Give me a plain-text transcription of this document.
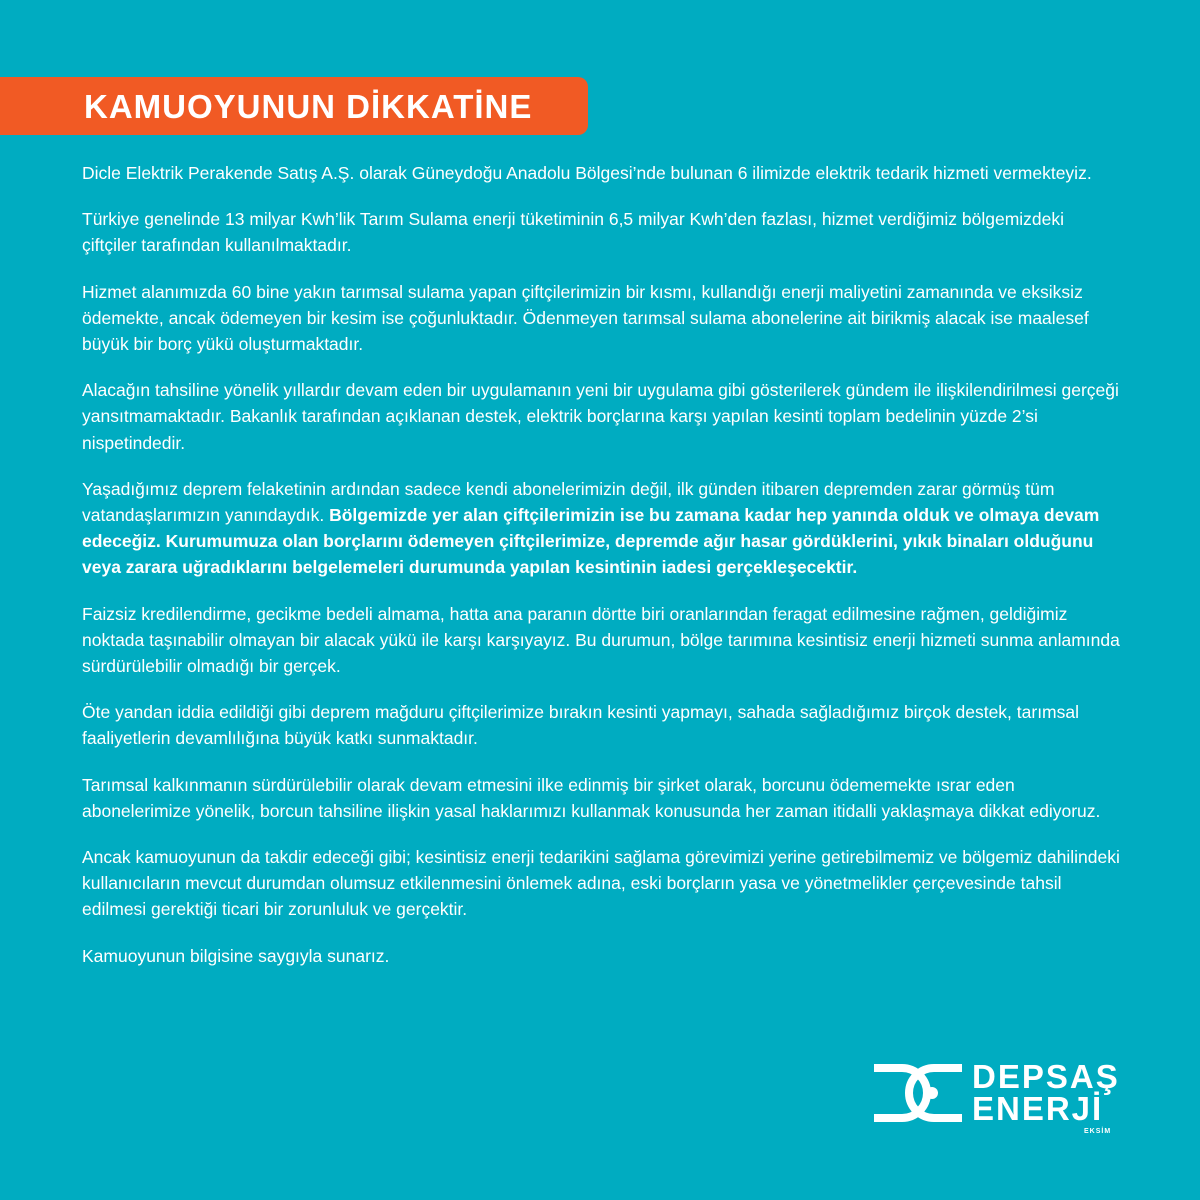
KAMUOYUNUN DİKKATİNE

Dicle Elektrik Perakende Satış A.Ş. olarak Güneydoğu Anadolu Bölgesi’nde bulunan 6 ilimizde elektrik tedarik hizmeti vermekteyiz.

Türkiye genelinde 13 milyar Kwh’lik Tarım Sulama enerji tüketiminin 6,5 milyar Kwh’den fazlası, hizmet verdiğimiz bölgemizdeki çiftçiler tarafından kullanılmaktadır.

Hizmet alanımızda 60 bine yakın tarımsal sulama yapan çiftçilerimizin bir kısmı, kullandığı enerji maliyetini zamanında ve eksiksiz ödemekte, ancak ödemeyen bir kesim ise çoğunluktadır. Ödenmeyen tarımsal sulama abonelerine ait birikmiş alacak ise maalesef büyük bir borç yükü oluşturmaktadır.

Alacağın tahsiline yönelik yıllardır devam eden bir uygulamanın yeni bir uygulama gibi gösterilerek gündem ile ilişkilendirilmesi gerçeği yansıtmamaktadır. Bakanlık tarafından açıklanan destek, elektrik borçlarına karşı yapılan kesinti toplam bedelinin yüzde 2’si nispetindedir.

Yaşadığımız deprem felaketinin ardından sadece kendi abonelerimizin değil, ilk günden itibaren depremden zarar görmüş tüm vatandaşlarımızın yanındaydık. Bölgemizde yer alan çiftçilerimizin ise bu zamana kadar hep yanında olduk ve olmaya devam edeceğiz. Kurumumuza olan borçlarını ödemeyen çiftçilerimize, depremde ağır hasar gördüklerini, yıkık binaları olduğunu veya zarara uğradıklarını belgelemeleri durumunda yapılan kesintinin iadesi gerçekleşecektir.

Faizsiz kredilendirme, gecikme bedeli almama, hatta ana paranın dörtte biri oranlarından feragat edilmesine rağmen, geldiğimiz noktada taşınabilir olmayan bir alacak yükü ile karşı karşıyayız. Bu durumun, bölge tarımına kesintisiz enerji hizmeti sunma anlamında sürdürülebilir olmadığı bir gerçek.

Öte yandan iddia edildiği gibi deprem mağduru çiftçilerimize bırakın kesinti yapmayı, sahada sağladığımız birçok destek, tarımsal faaliyetlerin devamlılığına büyük katkı sunmaktadır.

Tarımsal kalkınmanın sürdürülebilir olarak devam etmesini ilke edinmiş bir şirket olarak, borcunu ödememekte ısrar eden abonelerimize yönelik, borcun tahsiline ilişkin yasal haklarımızı kullanmak konusunda her zaman itidalli yaklaşmaya dikkat ediyoruz.

Ancak kamuoyunun da takdir edeceği gibi; kesintisiz enerji tedarikini sağlama görevimizi yerine getirebilmemiz ve bölgemiz dahilindeki kullanıcıların mevcut durumdan olumsuz etkilenmesini önlemek adına, eski borçların yasa ve yönetmelikler çerçevesinde tahsil edilmesi gerektiği ticari bir zorunluluk ve gerçektir.

Kamuoyunun bilgisine saygıyla sunarız.

DEPSAŞ
ENERJİ
EKSİM
